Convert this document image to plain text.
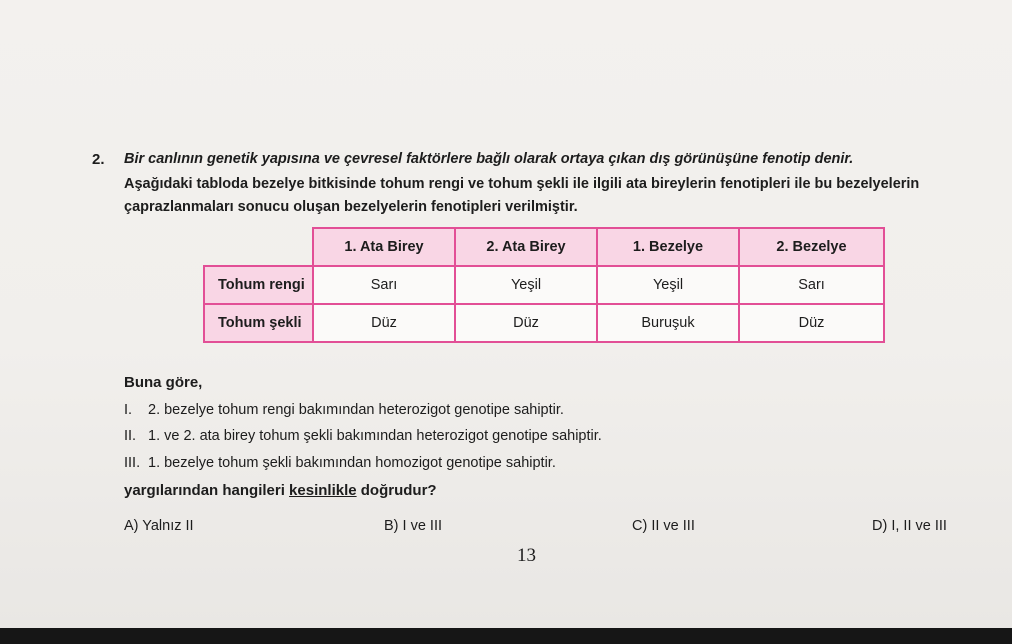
2. Bir canlının genetik yapısına ve çevresel faktörlere bağlı olarak ortaya çıkan dış görünüşüne fenotip denir.
Aşağıdaki tabloda bezelye bitkisinde tohum rengi ve tohum şekli ile ilgili ata bireylerin fenotipleri ile bu bezelyelerin çaprazlanmaları sonucu oluşan bezelyelerin fenotipleri verilmiştir.
	1. Ata Birey	2. Ata Birey	1. Bezelye	2. Bezelye
Tohum rengi	Sarı	Yeşil	Yeşil	Sarı
Tohum şekli	Düz	Düz	Buruşuk	Düz
Buna göre,
I. 2. bezelye tohum rengi bakımından heterozigot genotipe sahiptir.
II. 1. ve 2. ata birey tohum şekli bakımından heterozigot genotipe sahiptir.
III. 1. bezelye tohum şekli bakımından homozigot genotipe sahiptir.
yargılarından hangileri kesinlikle doğrudur?
A) Yalnız II	B) I ve III	C) II ve III	D) I, II ve III
13
